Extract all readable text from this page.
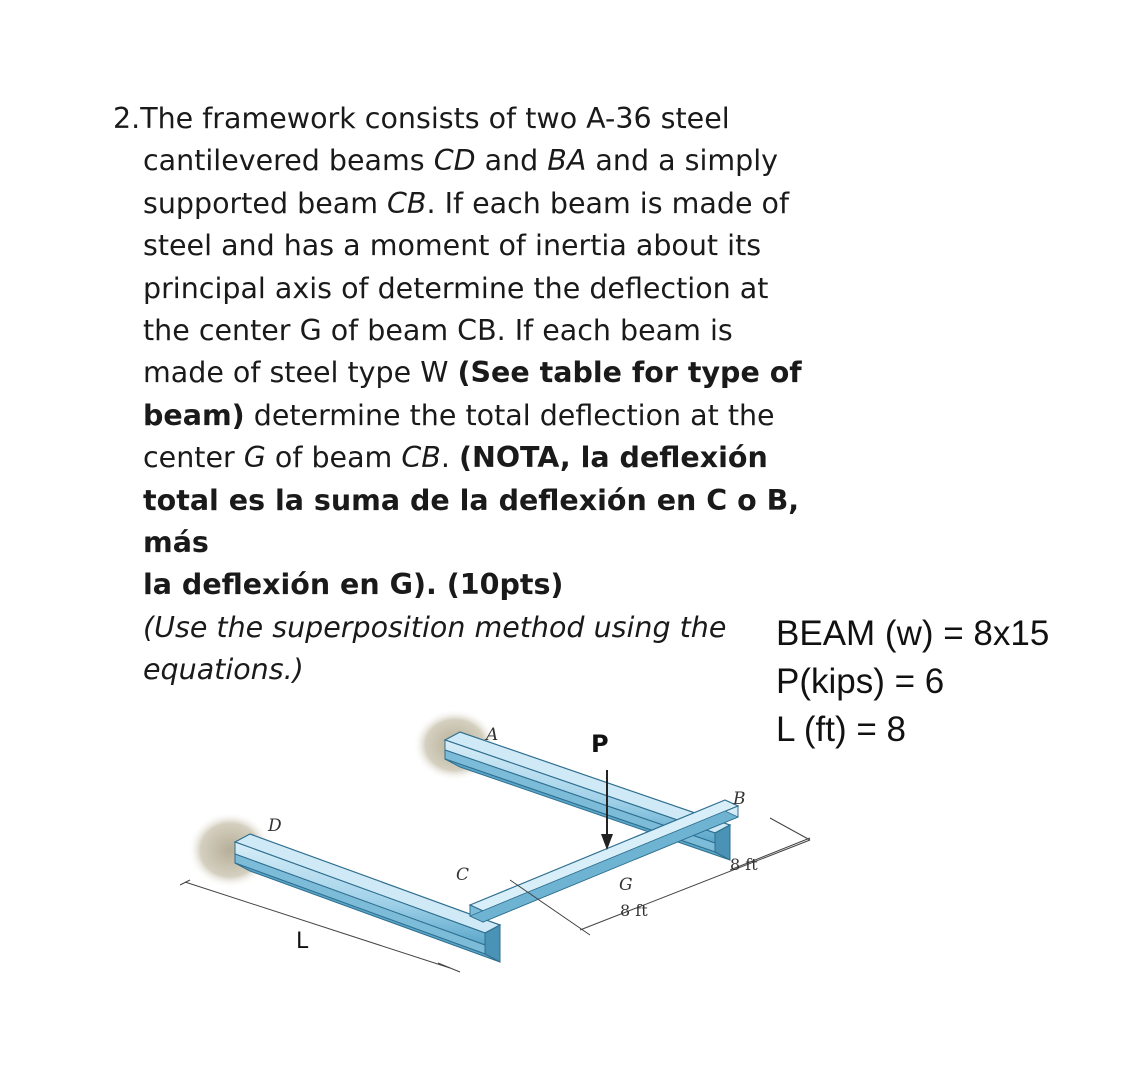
2.The framework consists of two A-36 steel
cantilevered beams CD and BA and a simply
supported beam CB. If each beam is made of
steel and has a moment of inertia about its
principal axis of determine the deflection at
the center G of beam CB. If each beam is
made of steel type W (See table for type of
beam) determine the total deflection at the
center G of beam CB. (NOTA, la deflexión
total es la suma de la deflexión en C o B, más
la deflexión en G). (10pts)
(Use the superposition method using the
equations.)
BEAM (w) = 8x15
P(kips) = 6
L (ft) = 8
A
B
C
D
G
P
L
8 ft
8 ft
